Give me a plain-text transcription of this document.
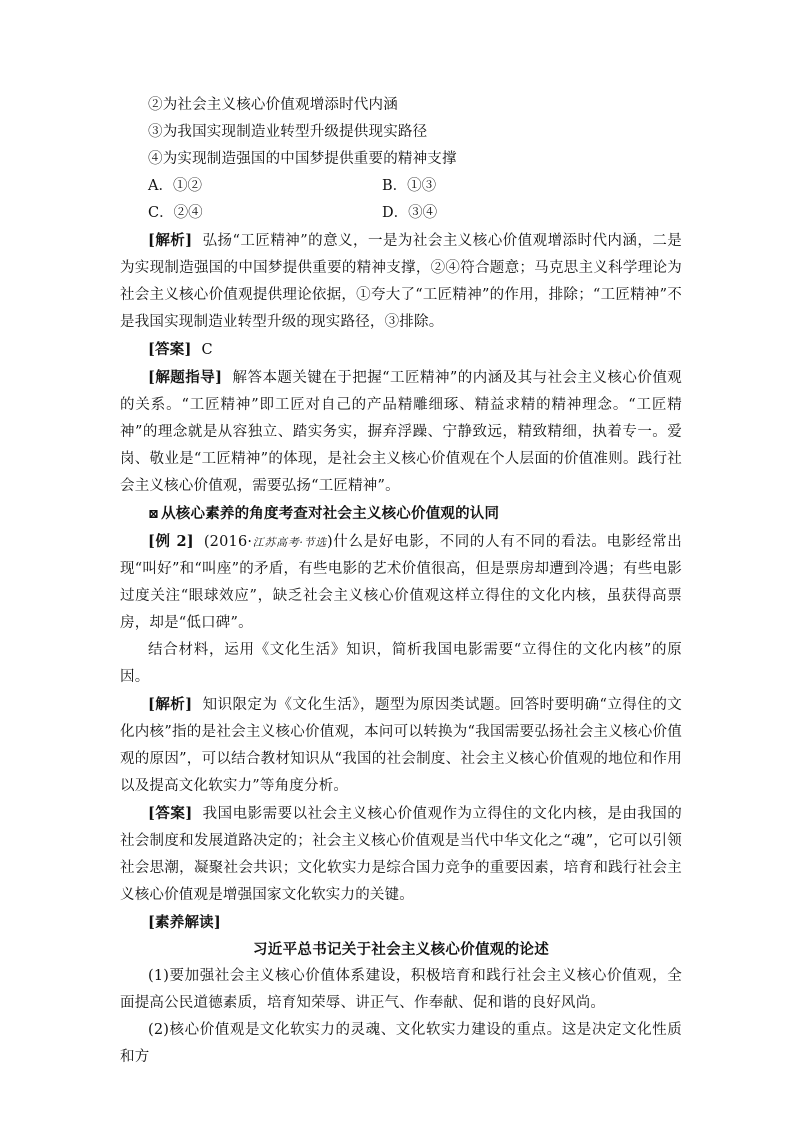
②为社会主义核心价值观增添时代内涵

③为我国实现制造业转型升级提供现实路径

④为实现制造强国的中国梦提供重要的精神支撑

A．①②	B．①③
C．②④	D．③④

[解析] 弘扬“工匠精神”的意义，一是为社会主义核心价值观增添时代内涵，二是为实现制造强国的中国梦提供重要的精神支撑，②④符合题意；马克思主义科学理论为社会主义核心价值观提供理论依据，①夸大了“工匠精神”的作用，排除；“工匠精神”不是我国实现制造业转型升级的现实路径，③排除。

[答案] C

[解题指导] 解答本题关键在于把握“工匠精神”的内涵及其与社会主义核心价值观的关系。“工匠精神”即工匠对自己的产品精雕细琢、精益求精的精神理念。“工匠精神”的理念就是从容独立、踏实务实，摒弃浮躁、宁静致远，精致精细，执着专一。爱岗、敬业是“工匠精神”的体现，是社会主义核心价值观在个人层面的价值准则。践行社会主义核心价值观，需要弘扬“工匠精神”。

⊠ 从核心素养的角度考查对社会主义核心价值观的认同

[例 2] (2016·江苏高考·节选)什么是好电影，不同的人有不同的看法。电影经常出现“叫好”和“叫座”的矛盾，有些电影的艺术价值很高，但是票房却遭到冷遇；有些电影过度关注“眼球效应”，缺乏社会主义核心价值观这样立得住的文化内核，虽获得高票房，却是“低口碑”。

结合材料，运用《文化生活》知识，简析我国电影需要“立得住的文化内核”的原因。

[解析] 知识限定为《文化生活》，题型为原因类试题。回答时要明确“立得住的文化内核”指的是社会主义核心价值观，本问可以转换为“我国需要弘扬社会主义核心价值观的原因”，可以结合教材知识从“我国的社会制度、社会主义核心价值观的地位和作用以及提高文化软实力”等角度分析。

[答案] 我国电影需要以社会主义核心价值观作为立得住的文化内核，是由我国的社会制度和发展道路决定的；社会主义核心价值观是当代中华文化之“魂”，它可以引领社会思潮，凝聚社会共识；文化软实力是综合国力竞争的重要因素，培育和践行社会主义核心价值观是增强国家文化软实力的关键。

[素养解读]

习近平总书记关于社会主义核心价值观的论述

(1)要加强社会主义核心价值体系建设，积极培育和践行社会主义核心价值观，全面提高公民道德素质，培育知荣辱、讲正气、作奉献、促和谐的良好风尚。

(2)核心价值观是文化软实力的灵魂、文化软实力建设的重点。这是决定文化性质和方
